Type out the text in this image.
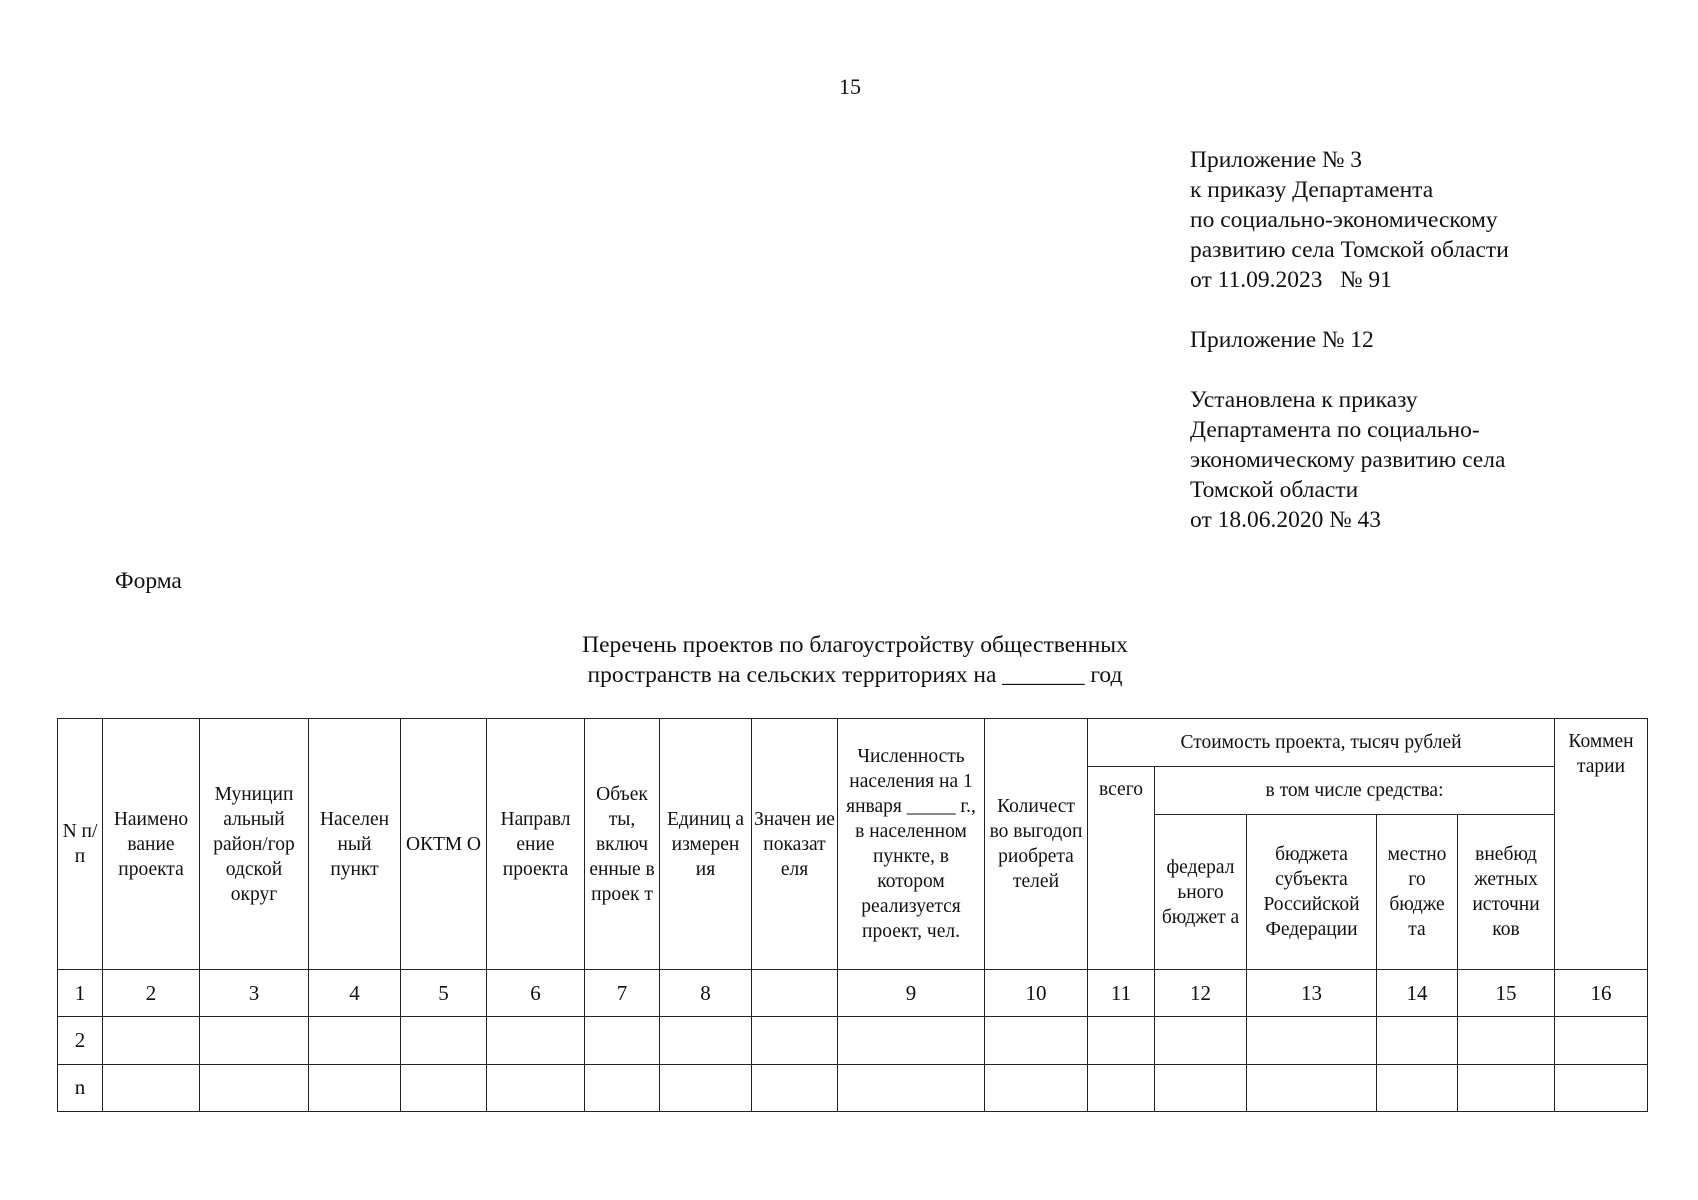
15
Приложение № 3
к приказу Департамента
по социально-экономическому
развитию села Томской области
от 11.09.2023   № 91
Приложение № 12
Установлена к приказу
Департамента по социально-
экономическому развитию села
Томской области
от 18.06.2020 № 43
Форма
Перечень проектов по благоустройству общественных
пространств на сельских территориях на _______ год
N п/п	Наимено вание проекта	Муницип альный район/гор одской округ	Населен ный пункт	ОКТМ О	Направл ение проекта	Объек ты, включ енные в проек т	Единиц а измерен ия	Значен ие показат еля	Численность населения на 1 января _____ г., в населенном пункте, в котором реализуется проект, чел.	Количест во выгодоп риобрета телей	Стоимость проекта, тысяч рублей					Коммен тарии
											всего	в том числе средства:				
												федерал ьного бюджет а	бюджета субъекта Российской Федерации	местно го бюдже та	внебюд жетных источни ков	
1	2	3	4	5	6	7	8		9	10	11	12	13	14	15	16
2																
n																
